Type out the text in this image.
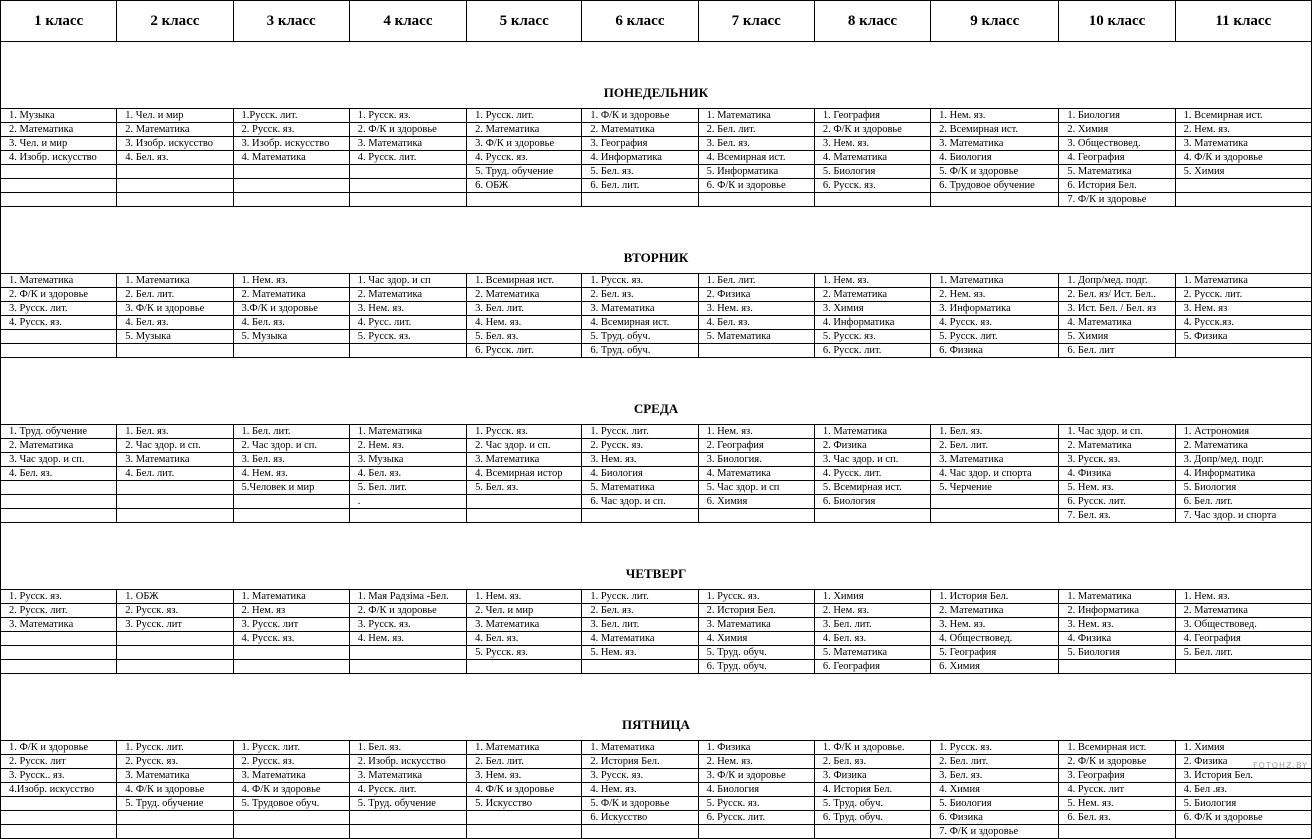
1 класс	2 класс	3 класс	4 класс	5 класс	6 класс	7 класс	8 класс	9 класс	10 класс	11 класс
ПОНЕДЕЛЬНИК										
1. Музыка	1. Чел. и мир	1.Русск. лит.	1. Русск. яз.	1. Русск. лит.	1. Ф/К и здоровье	1. Математика	1. География	1. Нем. яз.	1. Биология	1. Всемирная ист.
2. Математика	2. Математика	2. Русск. яз.	2. Ф/К и здоровье	2. Математика	2. Математика	2. Бел. лит.	2. Ф/К и здоровье	2. Всемирная ист.	2. Химия	2. Нем. яз.
3. Чел. и мир	3. Изобр. искусство	3. Изобр. искусство	3. Математика	3. Ф/К и здоровье	3. География	3. Бел. яз.	3. Нем. яз.	3. Математика	3. Обществовед.	3. Математика
4. Изобр. искусство	4. Бел. яз.	4. Математика	4. Русск. лит.	4. Русск. яз.	4. Информатика	4. Всемирная ист.	4. Математика	4. Биология	4. География	4. Ф/К и здоровье
				5. Труд. обучение	5. Бел. яз.	5. Информатика	5. Биология	5. Ф/К и здоровье	5. Математика	5. Химия
				6. ОБЖ	6. Бел. лит.	6. Ф/К и здоровье	6. Русск. яз.	6. Трудовое обучение	6. История Бел.	
									7. Ф/К и здоровье	
ВТОРНИК										
1. Математика	1. Математика	1. Нем. яз.	1. Час здор. и сп	1. Всемирная ист.	1. Русск. яз.	1. Бел. лит.	1. Нем. яз.	1. Математика	1. Допр/мед. подг.	1. Математика
2. Ф/К и здоровье	2. Бел. лит.	2. Математика	2. Математика	2. Математика	2. Бел. яз.	2. Физика	2. Математика	2. Нем. яз.	2. Бел. яз/ Ист. Бел..	2. Русск. лит.
3. Русск. лит.	3. Ф/К и здоровье	3.Ф/К и здоровье	3. Нем. яз.	3. Бел. лит.	3. Математика	3. Нем. яз.	3. Химия	3. Информатика	3. Ист. Бел. / Бел. яз	3. Нем. яз
4. Русск. яз.	4. Бел. яз.	4. Бел. яз.	4. Русс. лит.	4. Нем. яз.	4. Всемирная ист.	4. Бел. яз.	4. Информатика	4. Русск. яз.	4. Математика	4. Русск.яз.
	5. Музыка	5. Музыка	5. Русск. яз.	5. Бел. яз.	5. Труд. обуч.	5. Математика	5. Русск. яз.	5. Русск. лит.	5. Химия	5. Физика
				6. Русск. лит.	6. Труд. обуч.		6. Русск. лит.	6. Физика	6. Бел. лит	
СРЕДА										
1. Труд. обучение	1. Бел. яз.	1. Бел. лит.	1. Математика	1. Русск. яз.	1. Русск. лит.	1. Нем. яз.	1. Математика	1. Бел. яз.	1. Час здор. и сп.	1. Астрономия
2. Математика	2. Час здор. и сп.	2. Час здор. и сп.	2. Нем. яз.	2. Час здор. и сп.	2. Русск. яз.	2. География	2. Физика	2. Бел. лит.	2. Математика	2. Математика
3. Час здор. и сп.	3. Математика	3. Бел. яз.	3. Музыка	3. Математика	3. Нем. яз.	3. Биология.	3. Час здор. и сп.	3. Математика	3. Русск. яз.	3. Допр/мед. подг.
4. Бел. яз.	4. Бел. лит.	4. Нем. яз.	4. Бел. яз.	4. Всемирная истор	4. Биология	4. Математика	4. Русск. лит.	4. Час здор. и спорта	4. Физика	4. Информатика
		5.Человек и мир	5. Бел. лит.	5. Бел. яз.	5. Математика	5. Час здор. и сп	5. Всемирная ист.	5. Черчение	5. Нем. яз.	5. Биология
			.		6. Час здор. и сп.	6. Химия	6. Биология		6. Русск. лит.	6. Бел. лит.
									7. Бел. яз.	7. Час здор. и спорта
ЧЕТВЕРГ										
1. Русск. яз.	1. ОБЖ	1. Математика	1. Мая Радзіма -Бел.	1. Нем. яз.	1. Русск. лит.	1. Русск. яз.	1. Химия	1. История Бел.	1. Математика	1. Нем. яз.
2. Русск. лит.	2. Русск. яз.	2. Нем. яз	2. Ф/К и здоровье	2. Чел. и мир	2. Бел. яз.	2. История Бел.	2. Нем. яз.	2. Математика	2. Информатика	2. Математика
3. Математика	3. Русск. лит	3. Русск. лит	3. Русск. яз.	3. Математика	3. Бел. лит.	3. Математика	3. Бел. лит.	3. Нем. яз.	3. Нем. яз.	3. Обществовед.
		4. Русск. яз.	4. Нем. яз.	4. Бел. яз.	4. Математика	4. Химия	4. Бел. яз.	4. Обществовед.	4. Физика	4. География
				5. Русск. яз.	5. Нем. яз.	5. Труд. обуч.	5. Математика	5. География	5. Биология	5. Бел. лит.
						6. Труд. обуч.	6. География	6. Химия		
ПЯТНИЦА										
1. Ф/К и здоровье	1. Русск. лит.	1. Русск. лит.	1. Бел. яз.	1. Математика	1. Математика	1. Физика	1. Ф/К и здоровье.	1. Русск. яз.	1. Всемирная ист.	1. Химия
2. Русск. лит	2. Русск. яз.	2. Русск. яз.	2. Изобр. искусство	2. Бел. лит.	2. История Бел.	2. Нем. яз.	2. Бел. яз.	2. Бел. лит.	2. Ф/К и здоровье	2. Физика
3. Русск.. яз.	3. Математика	3. Математика	3. Математика	3. Нем. яз.	3. Русск. яз.	3. Ф/К и здоровье	3. Физика	3. Бел. яз.	3. География	3. История Бел.
4.Изобр. искусство	4. Ф/К и здоровье	4. Ф/К и здоровье	4. Русск. лит.	4. Ф/К и здоровье	4. Нем. яз.	4. Биология	4. История Бел.	4. Химия	4. Русск. лит	4. Бел .яз.
	5. Труд. обучение	5. Трудовое обуч.	5. Труд. обучение	5. Искусство	5. Ф/К и здоровье	5. Русск. яз.	5. Труд. обуч.	5. Биология	5. Нем. яз.	5. Биология
					6. Искусство	6. Русск. лит.	6. Труд. обуч.	6. Физика	6. Бел. яз.	6. Ф/К и здоровье
								7. Ф/К и здоровье		
FOTOHZ.BY
